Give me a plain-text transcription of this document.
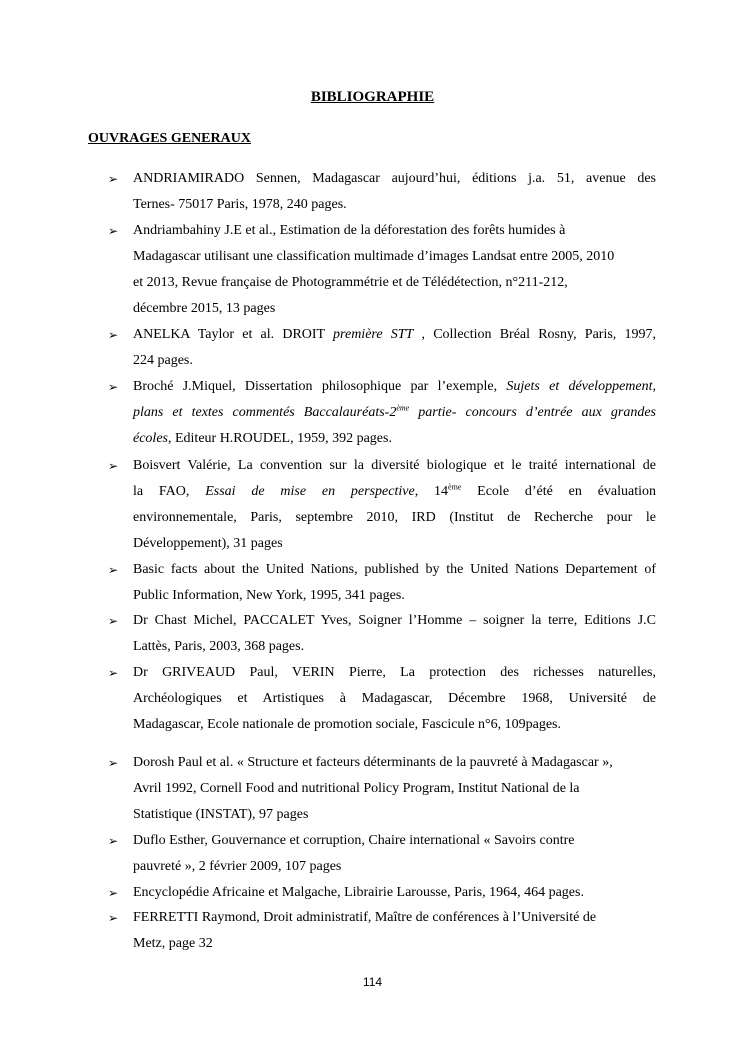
BIBLIOGRAPHIE
OUVRAGES GENERAUX
➢	ANDRIAMIRADO Sennen, Madagascar aujourd’hui, éditions j.a. 51, avenue des
Ternes- 75017 Paris, 1978, 240 pages.
➢	Andriambahiny J.E et al., Estimation de la déforestation des forêts humides à
Madagascar utilisant une classification multimade d’images Landsat entre 2005, 2010
et 2013, Revue française de Photogrammétrie et de Télédétection, n°211-212,
décembre 2015, 13 pages
➢	ANELKA Taylor et al. DROIT première STT , Collection Bréal Rosny, Paris, 1997,
224 pages.
➢	Broché J.Miquel, Dissertation philosophique par l’exemple, Sujets et développement,
plans et textes commentés Baccalauréats-2ème partie- concours d’entrée aux grandes
écoles, Editeur H.ROUDEL, 1959, 392 pages.
➢	Boisvert Valérie, La convention sur la diversité biologique et le traité international de
la FAO, Essai de mise en perspective, 14ème Ecole d’été en évaluation
environnementale, Paris, septembre 2010, IRD (Institut de Recherche pour le
Développement), 31 pages
➢	Basic facts about the United Nations, published by the United Nations Departement of
Public Information, New York, 1995, 341 pages.
➢	Dr Chast Michel, PACCALET Yves, Soigner l’Homme – soigner la terre, Editions J.C
Lattès, Paris, 2003, 368 pages.
➢	Dr GRIVEAUD Paul, VERIN Pierre, La protection des richesses naturelles,
Archéologiques et Artistiques à Madagascar, Décembre 1968, Université de
Madagascar, Ecole nationale de promotion sociale, Fascicule n°6, 109pages.
➢	Dorosh Paul et al. « Structure et facteurs déterminants de la pauvreté à Madagascar »,
Avril 1992, Cornell Food and nutritional Policy Program, Institut National de la
Statistique (INSTAT), 97 pages
➢	Duflo Esther, Gouvernance et corruption, Chaire international « Savoirs contre
pauvreté », 2 février 2009, 107 pages
➢	Encyclopédie Africaine et Malgache, Librairie Larousse, Paris, 1964, 464 pages.
➢	FERRETTI Raymond, Droit administratif, Maître de conférences à l’Université de
Metz, page 32
114
